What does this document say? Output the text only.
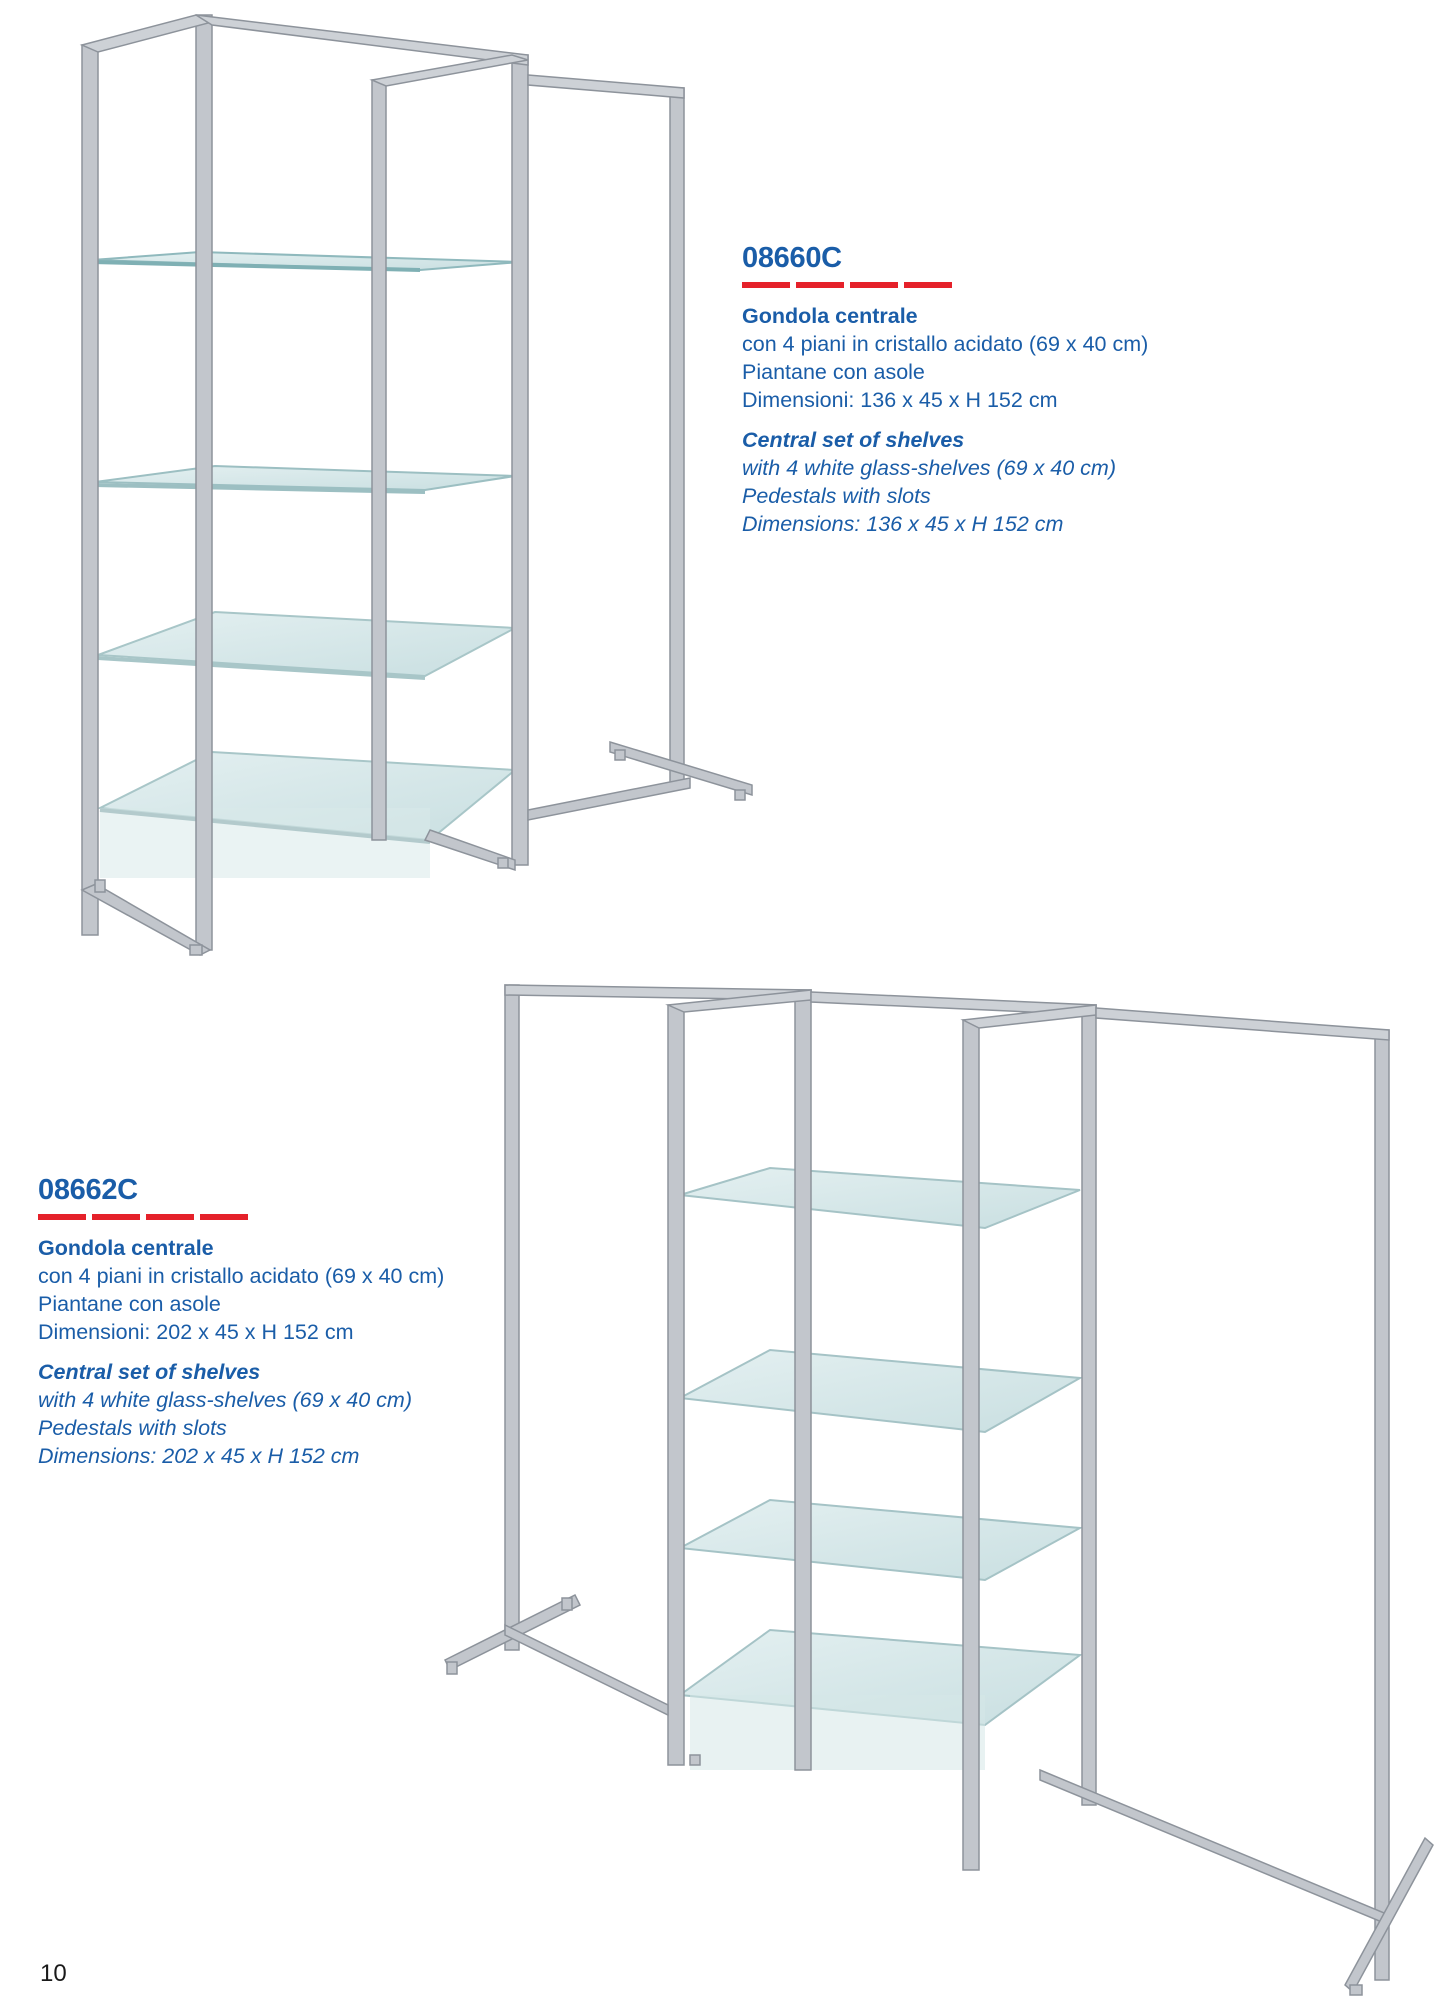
08660C

Gondola centrale

con 4 piani in cristallo acidato (69 x 40 cm)

Piantane con asole

Dimensioni: 136 x 45 x H 152 cm

Central set of shelves

with 4 white glass-shelves (69 x 40 cm)

Pedestals with slots

Dimensions: 136 x 45 x H 152 cm

08662C

Gondola centrale

con 4 piani in cristallo acidato (69 x 40 cm)

Piantane con asole

Dimensioni: 202 x 45 x H 152 cm

Central set of shelves

with 4 white glass-shelves (69 x 40 cm)

Pedestals with slots

Dimensions: 202 x 45 x H 152 cm

10
